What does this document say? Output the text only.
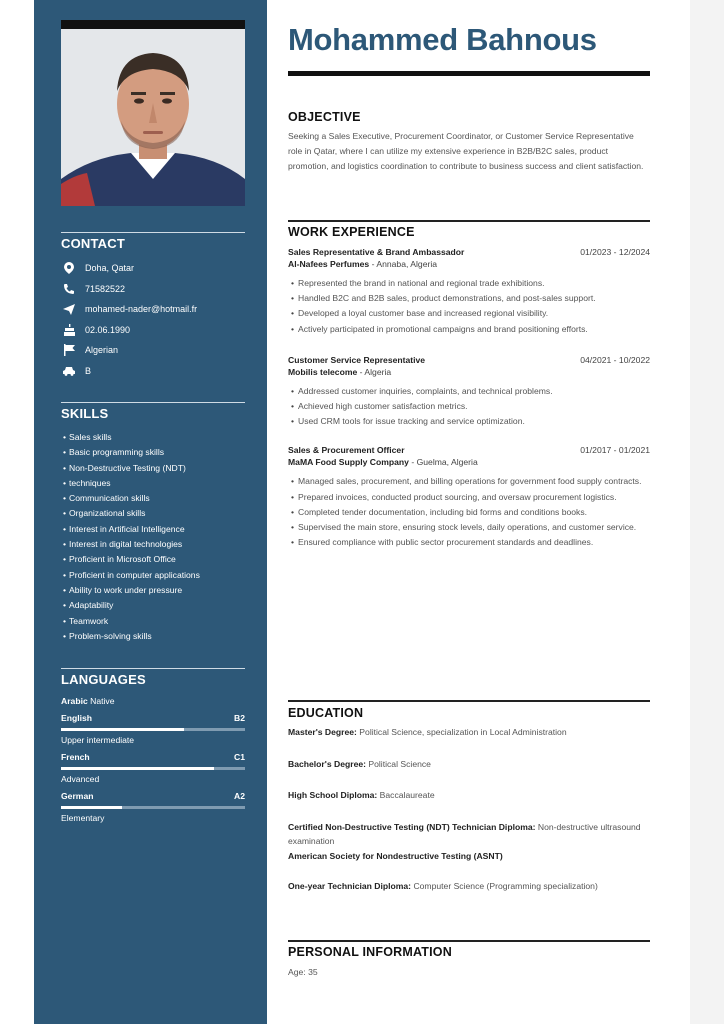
CONTACT
Doha, Qatar
71582522
mohamed-nader@hotmail.fr
02.06.1990
Algerian
B
SKILLS
• Sales skills
• Basic programming skills
• Non-Destructive Testing (NDT)
• techniques
• Communication skills
• Organizational skills
• Interest in Artificial Intelligence
• Interest in digital technologies
• Proficient in Microsoft Office
• Proficient in computer applications
• Ability to work under pressure
• Adaptability
• Teamwork
• Problem-solving skills
LANGUAGES
Arabic Native
English	B2
Upper intermediate
French	C1
Advanced
German	A2
Elementary
Mohammed Bahnous
OBJECTIVE
Seeking a Sales Executive, Procurement Coordinator, or Customer Service Representative role in Qatar, where I can utilize my extensive experience in B2B/B2C sales, product promotion, and logistics coordination to contribute to business success and client satisfaction.
WORK EXPERIENCE
Sales Representative & Brand Ambassador	01/2023 - 12/2024
Al-Nafees Perfumes - Annaba, Algeria
• Represented the brand in national and regional trade exhibitions.
• Handled B2C and B2B sales, product demonstrations, and post-sales support.
• Developed a loyal customer base and increased regional visibility.
• Actively participated in promotional campaigns and brand positioning efforts.
Customer Service Representative	04/2021 - 10/2022
Mobilis telecome - Algeria
• Addressed customer inquiries, complaints, and technical problems.
• Achieved high customer satisfaction metrics.
• Used CRM tools for issue tracking and service optimization.
Sales & Procurement Officer	01/2017 - 01/2021
MaMA Food Supply Company - Guelma, Algeria
• Managed sales, procurement, and billing operations for government food supply contracts.
• Prepared invoices, conducted product sourcing, and oversaw procurement logistics.
• Completed tender documentation, including bid forms and conditions books.
• Supervised the main store, ensuring stock levels, daily operations, and customer service.
• Ensured compliance with public sector procurement standards and deadlines.
EDUCATION
Master's Degree: Political Science, specialization in Local Administration
Bachelor's Degree: Political Science
High School Diploma: Baccalaureate
Certified Non-Destructive Testing (NDT) Technician Diploma: Non-destructive ultrasound examination
American Society for Nondestructive Testing (ASNT)
One-year Technician Diploma: Computer Science (Programming specialization)
PERSONAL INFORMATION
Age: 35
